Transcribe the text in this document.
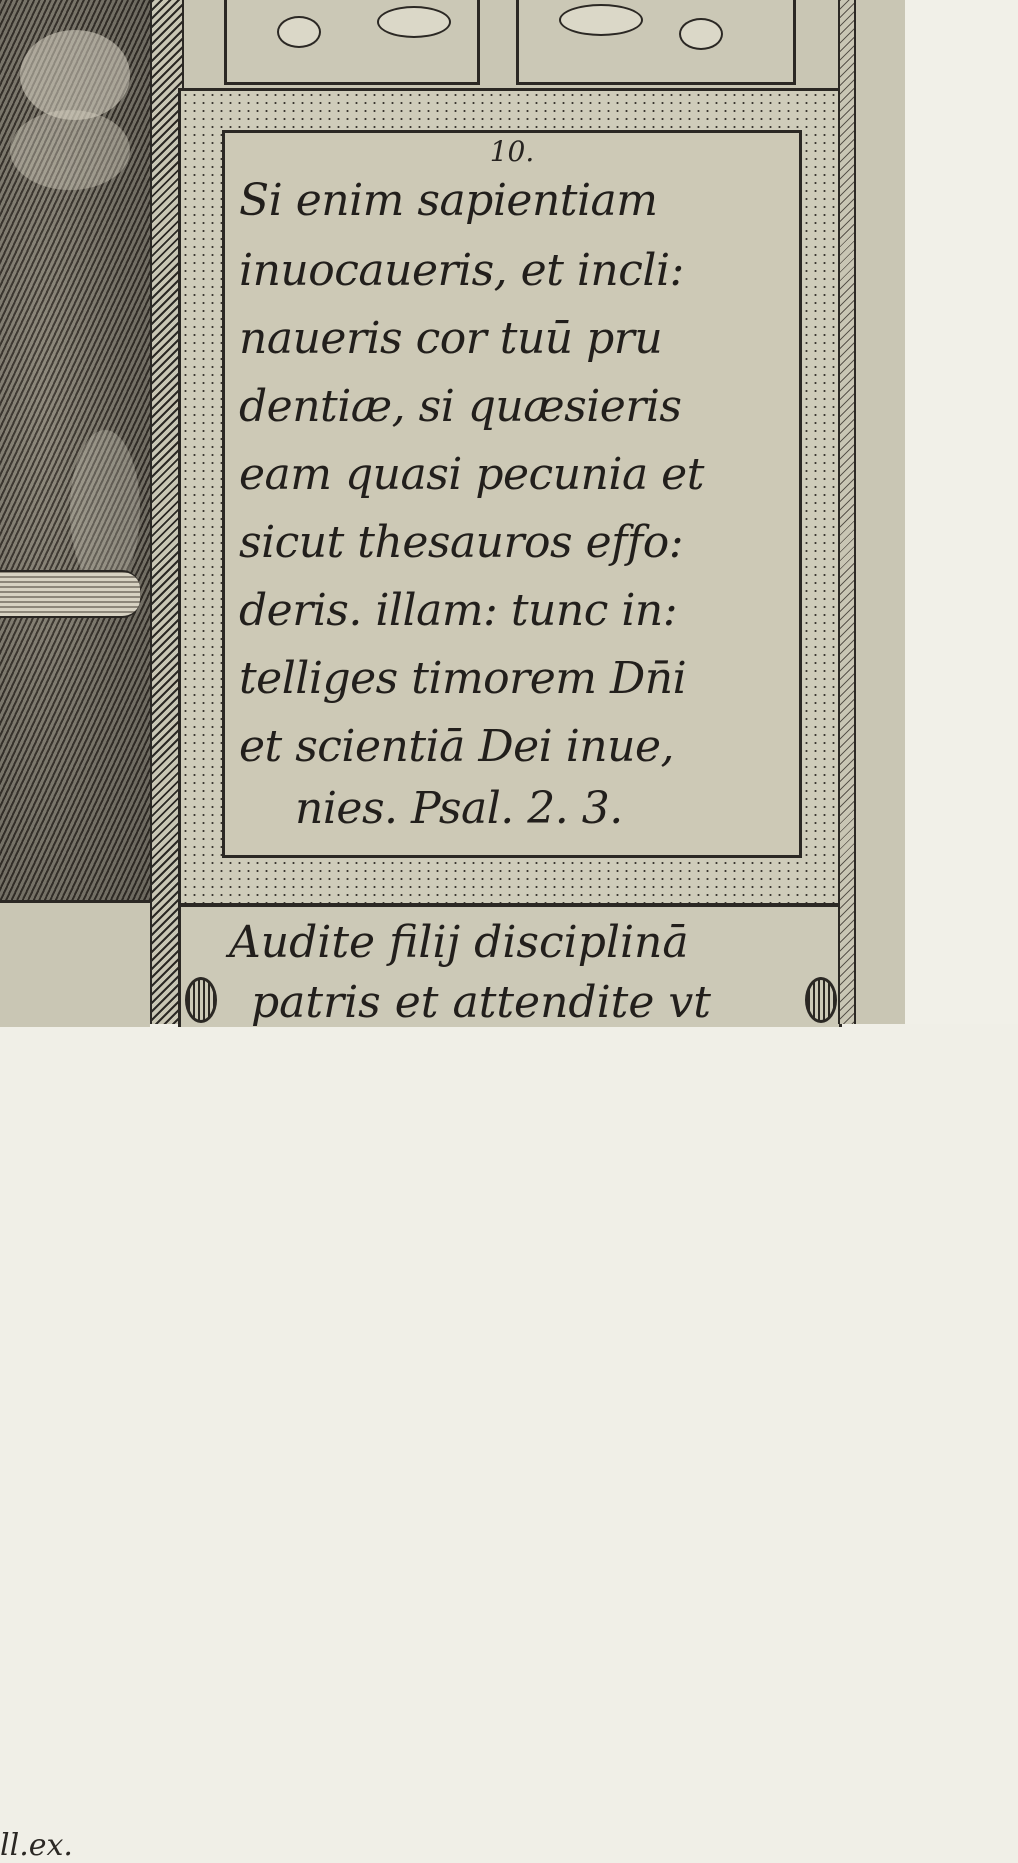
ll.ex.
10.
Si enim sapientiam
inuocaueris, et incli:
naueris cor tuū pru
dentiæ, si quæsieris
eam quasi pecunia et
sicut thesauros effo:
deris. illam: tunc in:
telliges timorem Dn̄i
et scientiā Dei inue,
nies. Psal. 2. 3.
Audite filij disciplinā
patris et attendite vt
